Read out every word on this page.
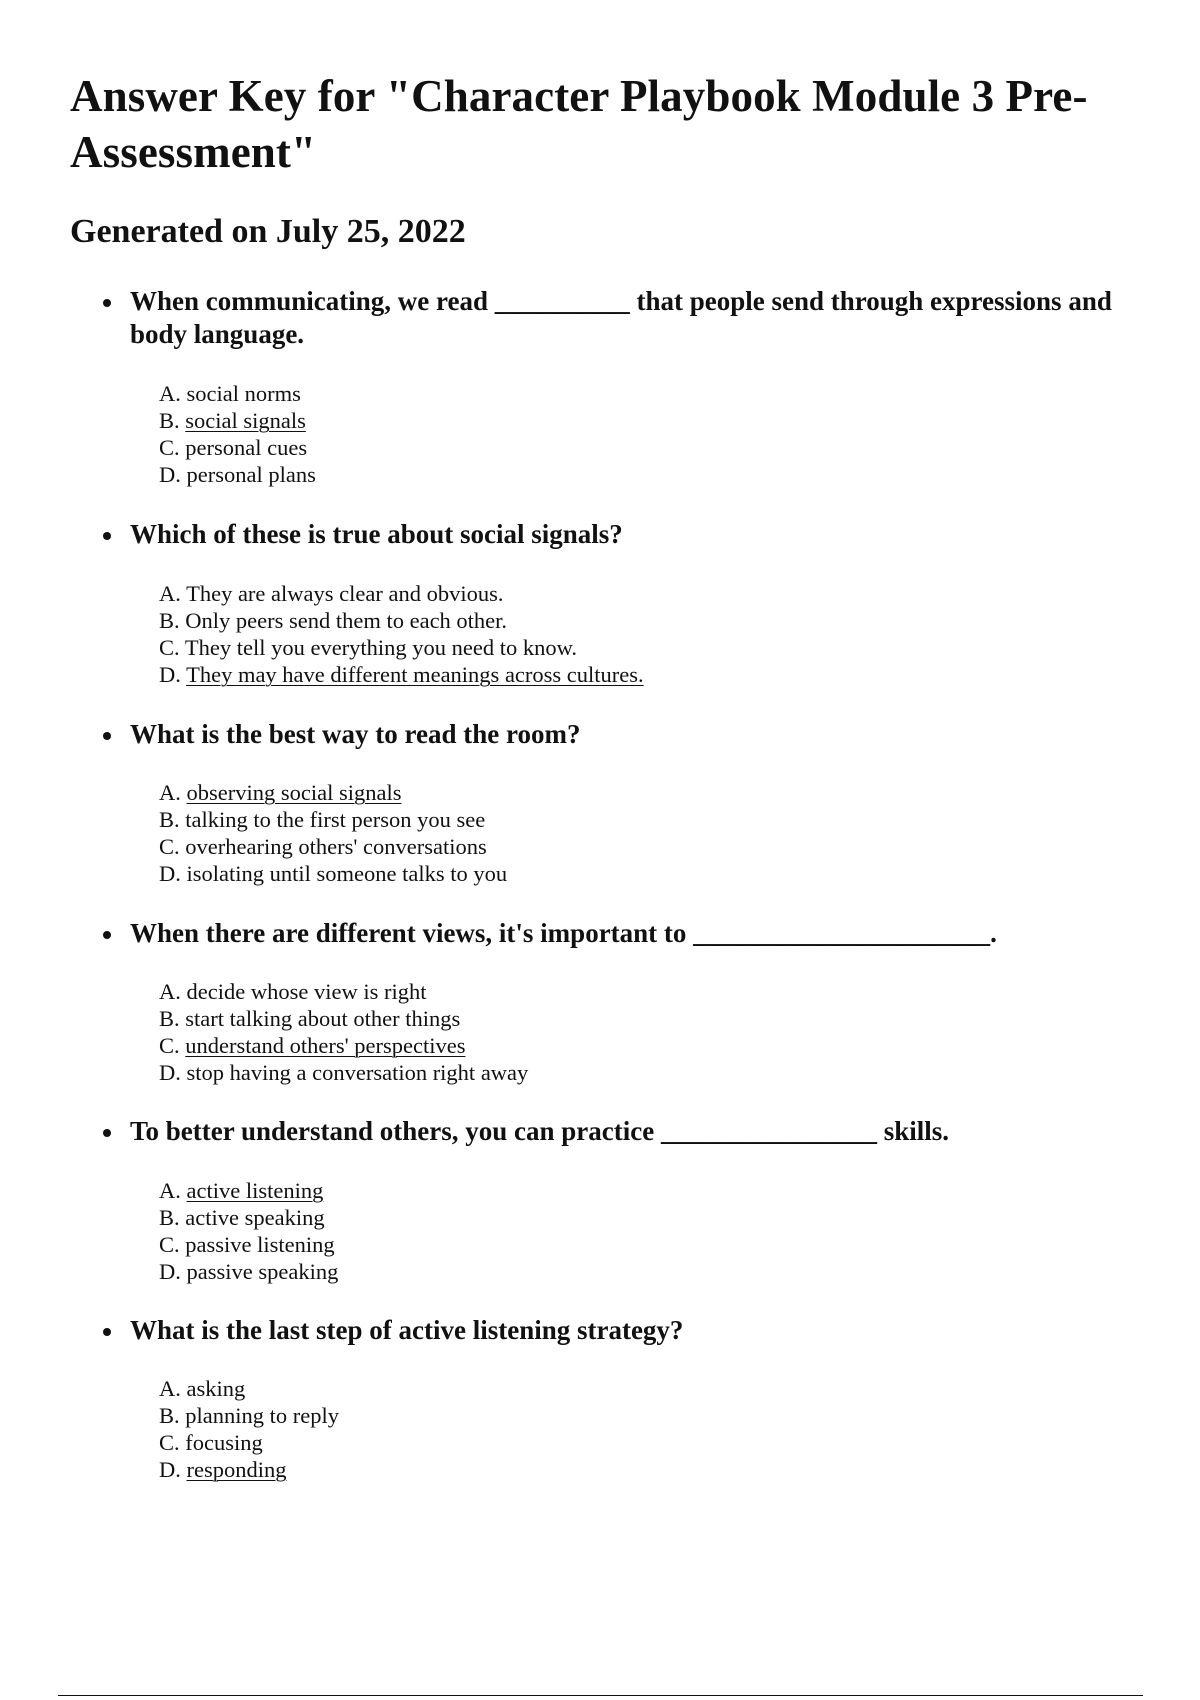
Answer Key for "Character Playbook Module 3 Pre-Assessment"
Generated on July 25, 2022

When communicating, we read __________ that people send through expressions and body language.

A. social norms
B. social signals
C. personal cues
D. personal plans

Which of these is true about social signals?

A. They are always clear and obvious.
B. Only peers send them to each other.
C. They tell you everything you need to know.
D. They may have different meanings across cultures.

What is the best way to read the room?

A. observing social signals
B. talking to the first person you see
C. overhearing others' conversations
D. isolating until someone talks to you

When there are different views, it's important to ______________________.

A. decide whose view is right
B. start talking about other things
C. understand others' perspectives
D. stop having a conversation right away

To better understand others, you can practice ________________ skills.

A. active listening
B. active speaking
C. passive listening
D. passive speaking

What is the last step of active listening strategy?

A. asking
B. planning to reply
C. focusing
D. responding
